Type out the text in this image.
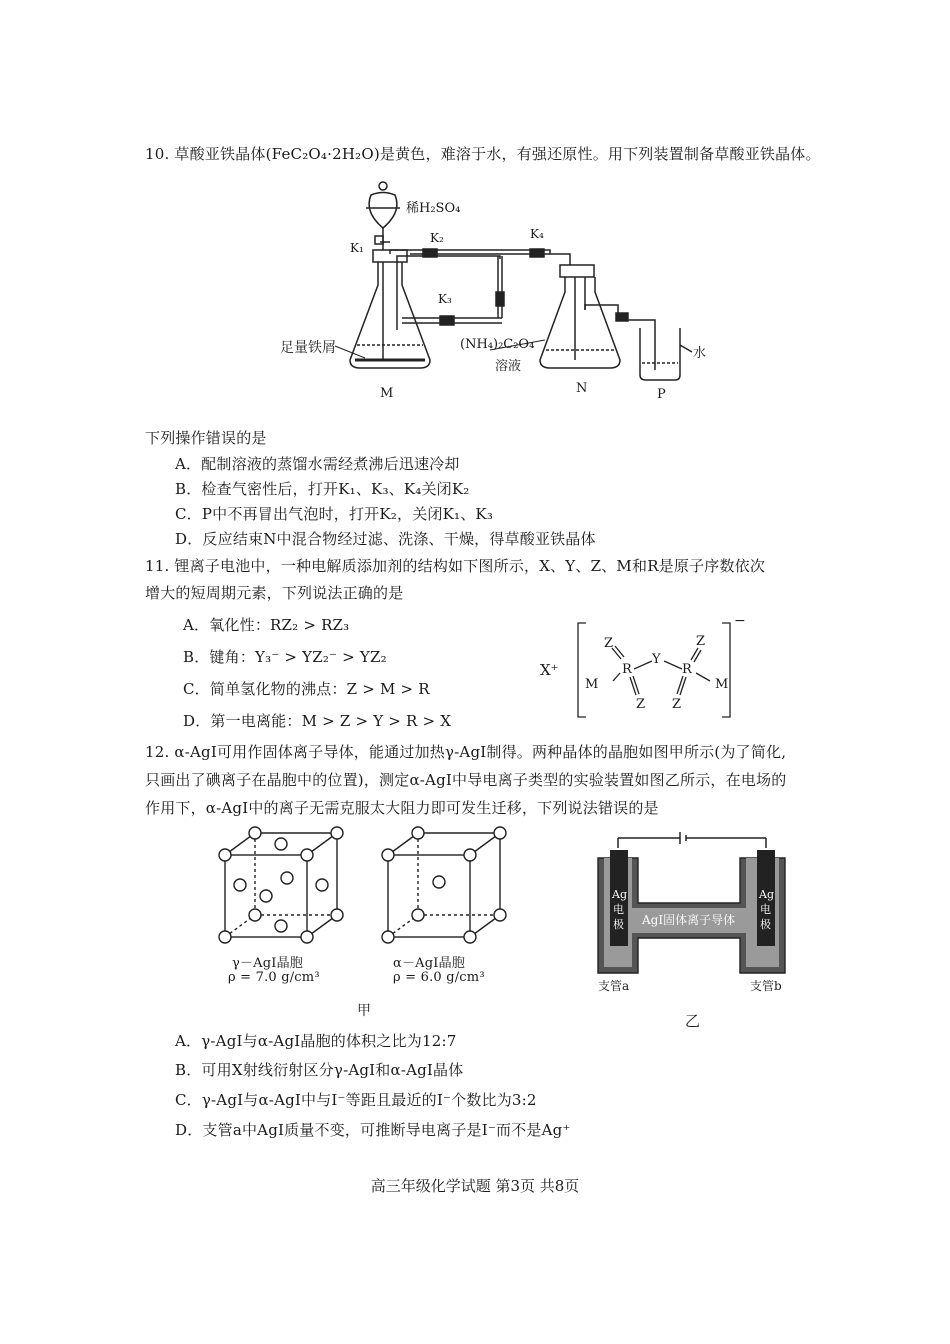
10. 草酸亚铁晶体(FeC₂O₄·2H₂O)是黄色，难溶于水，有强还原性。用下列装置制备草酸亚铁晶体。
稀H₂SO₄
K₁
K₂	K₄
K₃
足量铁屑	(NH₄)₂C₂O₄
溶液
水
M	N	P
下列操作错误的是
A．配制溶液的蒸馏水需经煮沸后迅速冷却
B．检查气密性后，打开K₁、K₃、K₄关闭K₂
C．P中不再冒出气泡时，打开K₂，关闭K₁、K₃
D．反应结束N中混合物经过滤、洗涤、干燥，得草酸亚铁晶体
11. 锂离子电池中，一种电解质添加剂的结构如下图所示，X、Y、Z、M和R是原子序数依次
增大的短周期元素，下列说法正确的是
A．氧化性：RZ₂ > RZ₃
B．键角：Y₃⁻ > YZ₂⁻ > YZ₂
C．简单氢化物的沸点：Z > M > R
D．第一电离能：M > Z > Y > R > X
X⁺
−
Z
R
Y
R
Z
M	M
Z Z
12. α-AgI可用作固体离子导体，能通过加热γ-AgI制得。两种晶体的晶胞如图甲所示(为了简化,
只画出了碘离子在晶胞中的位置)，测定α-AgI中导电离子类型的实验装置如图乙所示，在电场的
作用下，α-AgI中的离子无需克服太大阻力即可发生迁移，下列说法错误的是
γ－AgI晶胞
ρ = 7.0 g/cm³
α－AgI晶胞
ρ = 6.0 g/cm³
甲
Ag
电
极
Ag
电
极
AgI固体离子导体
支管a	支管b
乙
A．γ-AgI与α-AgI晶胞的体积之比为12:7
B．可用X射线衍射区分γ-AgI和α-AgI晶体
C．γ-AgI与α-AgI中与I⁻等距且最近的I⁻个数比为3:2
D．支管a中AgI质量不变，可推断导电离子是I⁻而不是Ag⁺
高三年级化学试题 第3页 共8页
